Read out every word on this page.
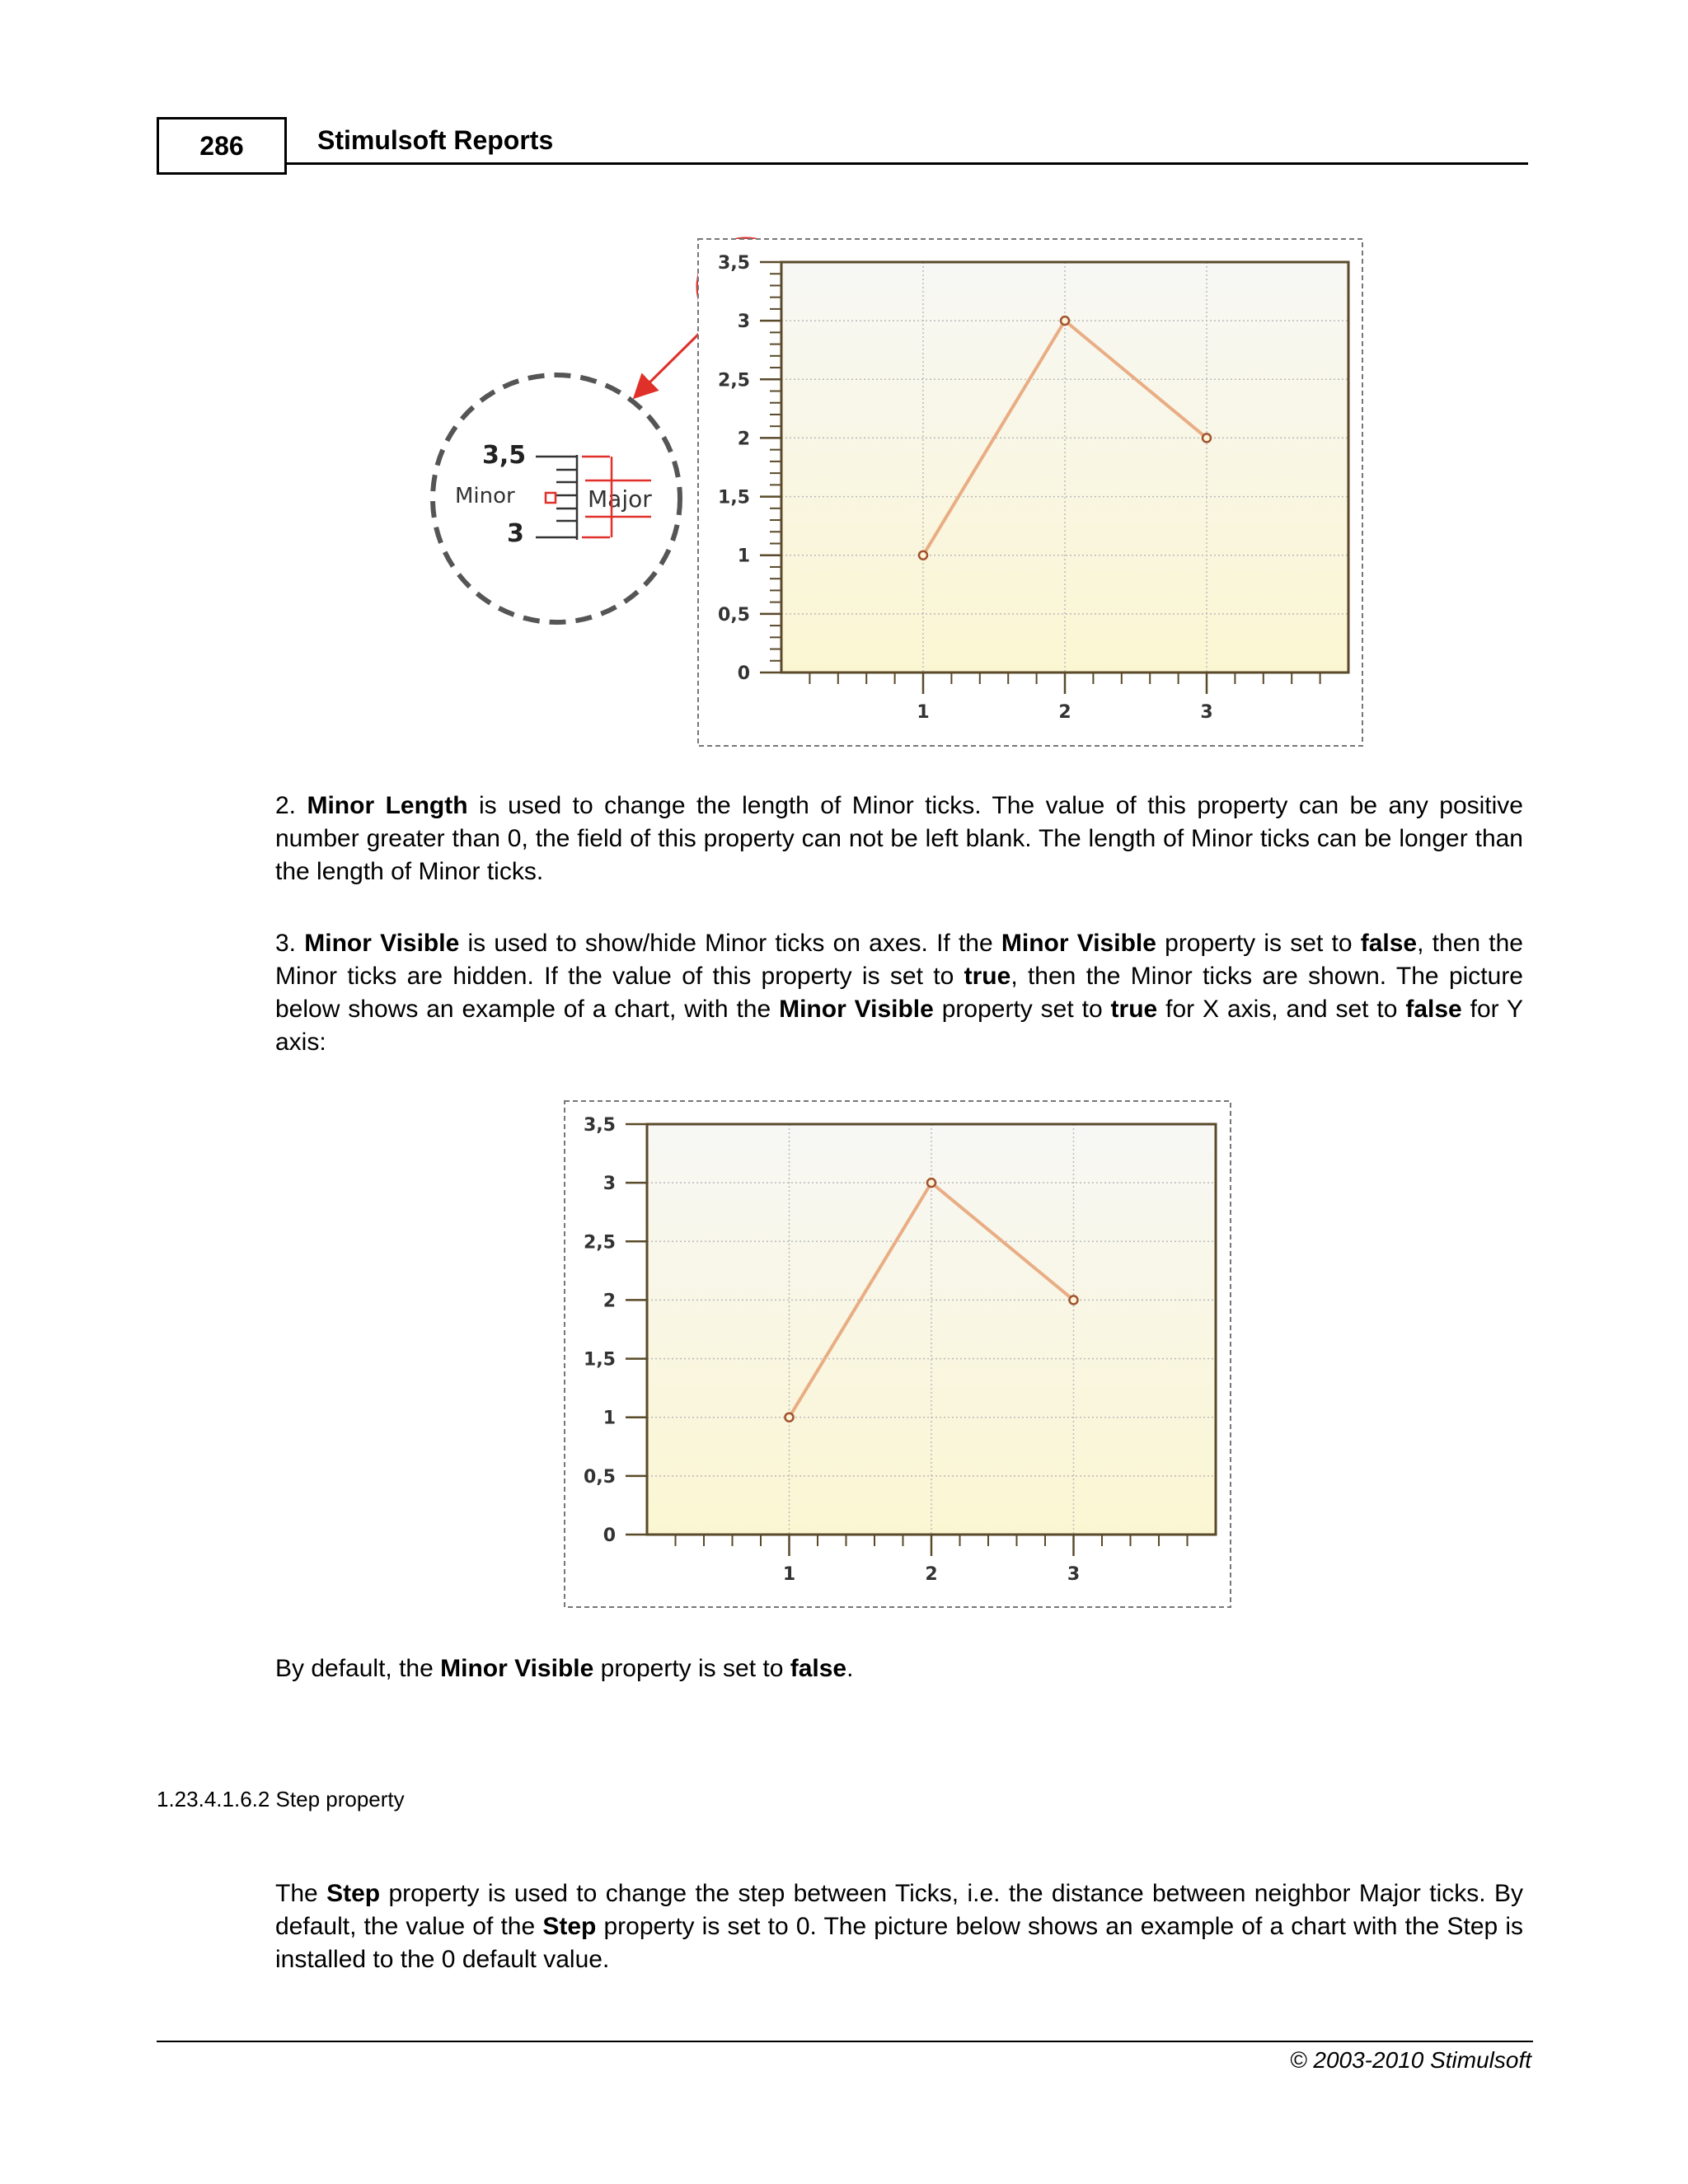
286	Stimulsoft Reports
3,5
3
Minor	Major
0
0,5
1
1,5
2
2,5
3
3,5
1	2	3
2. Minor Length is used to change the length of Minor ticks. The value of this property can be any positive number greater than 0, the field of this property can not be left blank. The length of Minor ticks can be longer than the length of Minor ticks.
3. Minor Visible is used to show/hide Minor ticks on axes. If the Minor Visible property is set to false, then the Minor ticks are hidden. If the value of this property is set to true, then the Minor ticks are shown. The picture below shows an example of a chart, with the Minor Visible property set to true for X axis, and set to false for Y axis:
0
0,5
1
1,5
2
2,5
3
3,5
1	2	3
By default, the Minor Visible property is set to false.
1.23.4.1.6.2 Step property
The Step property is used to change the step between Ticks, i.e. the distance between neighbor Major ticks. By default, the value of the Step property is set to 0. The picture below shows an example of a chart with the Step is installed to the 0 default value.
© 2003-2010 Stimulsoft
